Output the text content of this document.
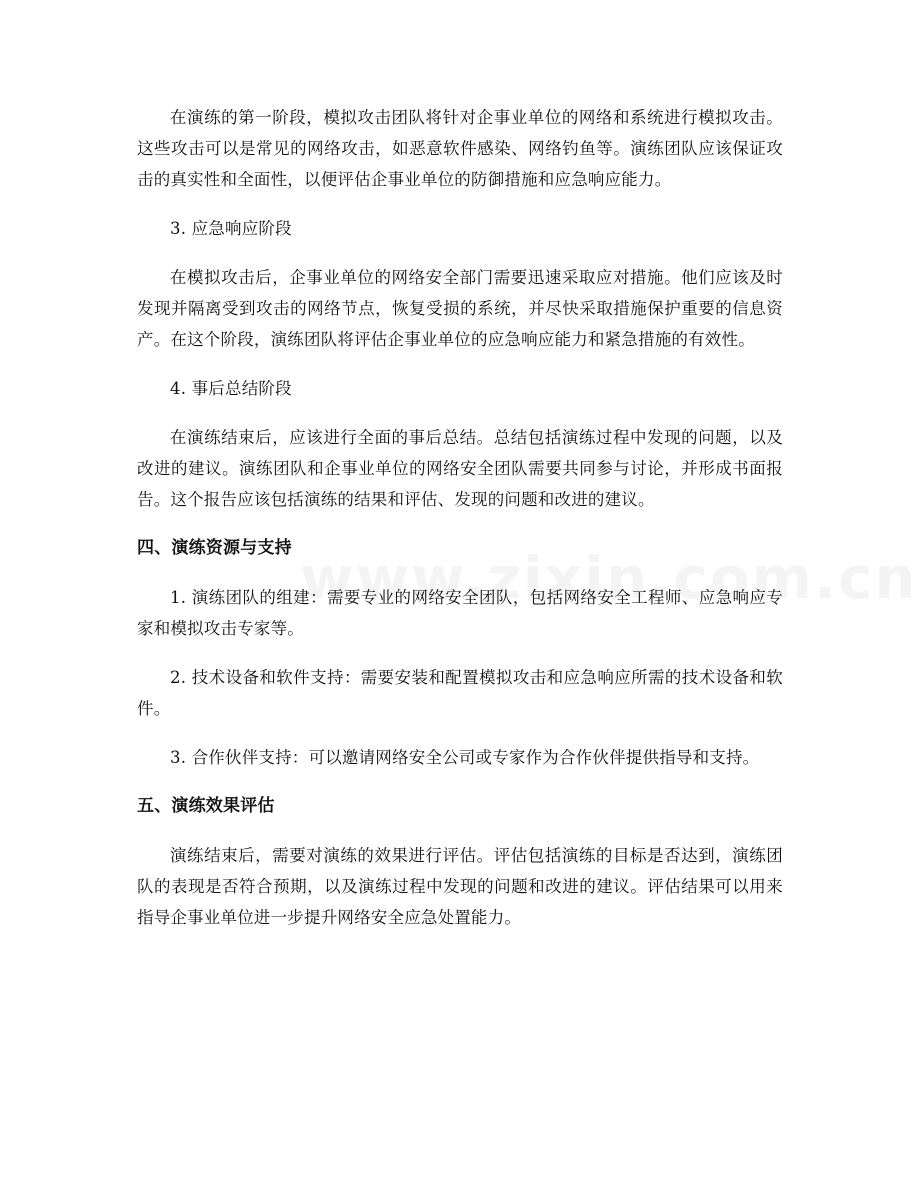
在演练的第一阶段，模拟攻击团队将针对企事业单位的网络和系统进行模拟攻击。这些攻击可以是常见的网络攻击，如恶意软件感染、网络钓鱼等。演练团队应该保证攻击的真实性和全面性，以便评估企事业单位的防御措施和应急响应能力。

3. 应急响应阶段

在模拟攻击后，企事业单位的网络安全部门需要迅速采取应对措施。他们应该及时发现并隔离受到攻击的网络节点，恢复受损的系统，并尽快采取措施保护重要的信息资产。在这个阶段，演练团队将评估企事业单位的应急响应能力和紧急措施的有效性。

4. 事后总结阶段

在演练结束后，应该进行全面的事后总结。总结包括演练过程中发现的问题，以及改进的建议。演练团队和企事业单位的网络安全团队需要共同参与讨论，并形成书面报告。这个报告应该包括演练的结果和评估、发现的问题和改进的建议。

四、演练资源与支持

1. 演练团队的组建：需要专业的网络安全团队，包括网络安全工程师、应急响应专家和模拟攻击专家等。

2. 技术设备和软件支持：需要安装和配置模拟攻击和应急响应所需的技术设备和软件。

3. 合作伙伴支持：可以邀请网络安全公司或专家作为合作伙伴提供指导和支持。

五、演练效果评估

演练结束后，需要对演练的效果进行评估。评估包括演练的目标是否达到，演练团队的表现是否符合预期，以及演练过程中发现的问题和改进的建议。评估结果可以用来指导企事业单位进一步提升网络安全应急处置能力。
